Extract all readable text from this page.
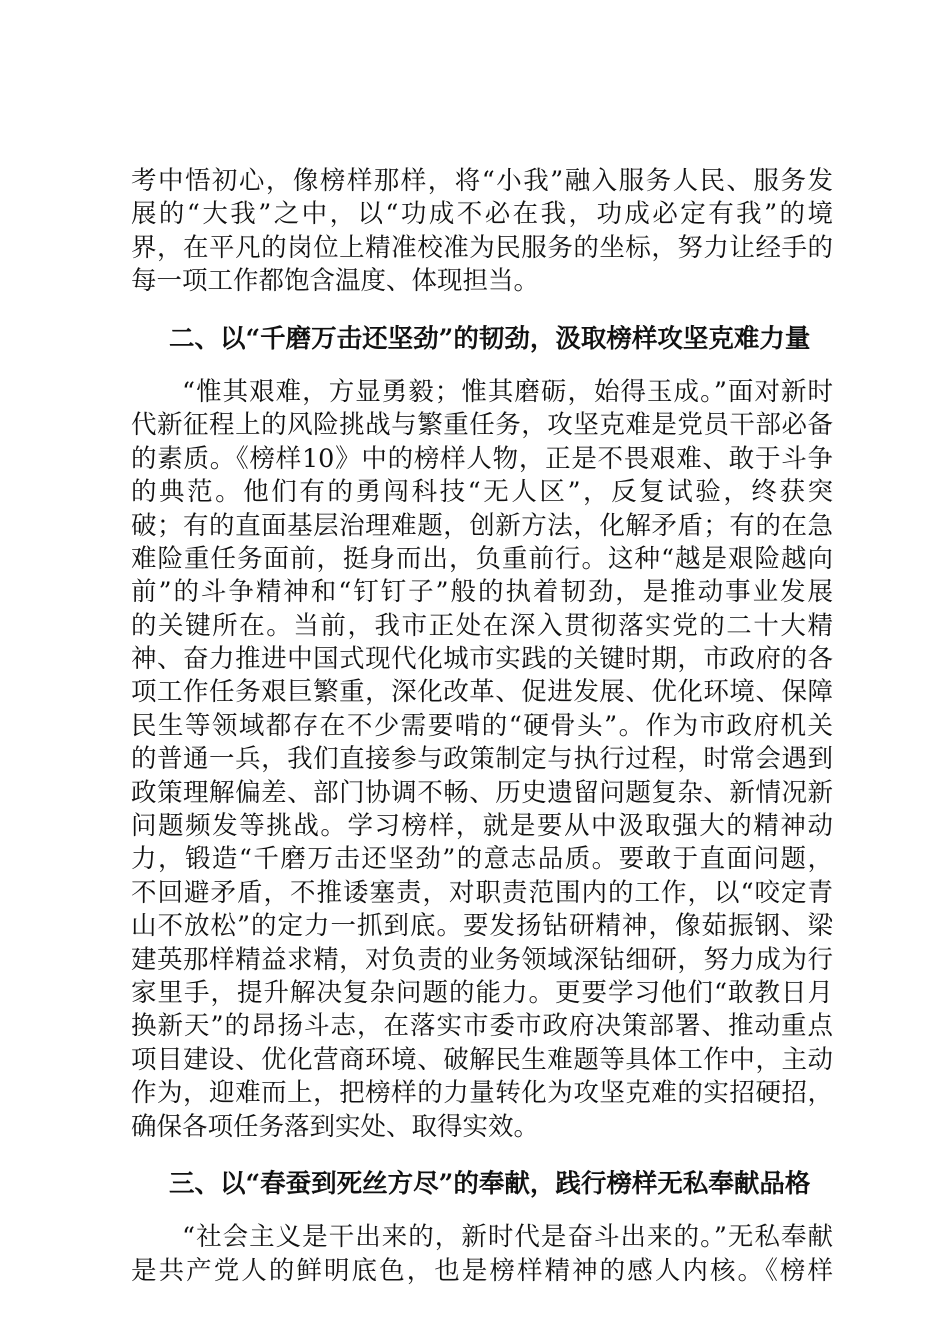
考中悟初心，像榜样那样，将“小我”融入服务人民、服务发
展的“大我”之中，以“功成不必在我，功成必定有我”的境
界，在平凡的岗位上精准校准为民服务的坐标，努力让经手的
每一项工作都饱含温度、体现担当。
二、以“千磨万击还坚劲”的韧劲，汲取榜样攻坚克难力量
“惟其艰难，方显勇毅；惟其磨砺，始得玉成。”面对新时
代新征程上的风险挑战与繁重任务，攻坚克难是党员干部必备
的素质。《榜样10》中的榜样人物，正是不畏艰难、敢于斗争
的典范。他们有的勇闯科技“无人区”，反复试验，终获突
破；有的直面基层治理难题，创新方法，化解矛盾；有的在急
难险重任务面前，挺身而出，负重前行。这种“越是艰险越向
前”的斗争精神和“钉钉子”般的执着韧劲，是推动事业发展
的关键所在。当前，我市正处在深入贯彻落实党的二十大精
神、奋力推进中国式现代化城市实践的关键时期，市政府的各
项工作任务艰巨繁重，深化改革、促进发展、优化环境、保障
民生等领域都存在不少需要啃的“硬骨头”。作为市政府机关
的普通一兵，我们直接参与政策制定与执行过程，时常会遇到
政策理解偏差、部门协调不畅、历史遗留问题复杂、新情况新
问题频发等挑战。学习榜样，就是要从中汲取强大的精神动
力，锻造“千磨万击还坚劲”的意志品质。要敢于直面问题，
不回避矛盾，不推诿塞责，对职责范围内的工作，以“咬定青
山不放松”的定力一抓到底。要发扬钻研精神，像茹振钢、梁
建英那样精益求精，对负责的业务领域深钻细研，努力成为行
家里手，提升解决复杂问题的能力。更要学习他们“敢教日月
换新天”的昂扬斗志，在落实市委市政府决策部署、推动重点
项目建设、优化营商环境、破解民生难题等具体工作中，主动
作为，迎难而上，把榜样的力量转化为攻坚克难的实招硬招，
确保各项任务落到实处、取得实效。
三、以“春蚕到死丝方尽”的奉献，践行榜样无私奉献品格
“社会主义是干出来的，新时代是奋斗出来的。”无私奉献
是共产党人的鲜明底色，也是榜样精神的感人内核。《榜样
